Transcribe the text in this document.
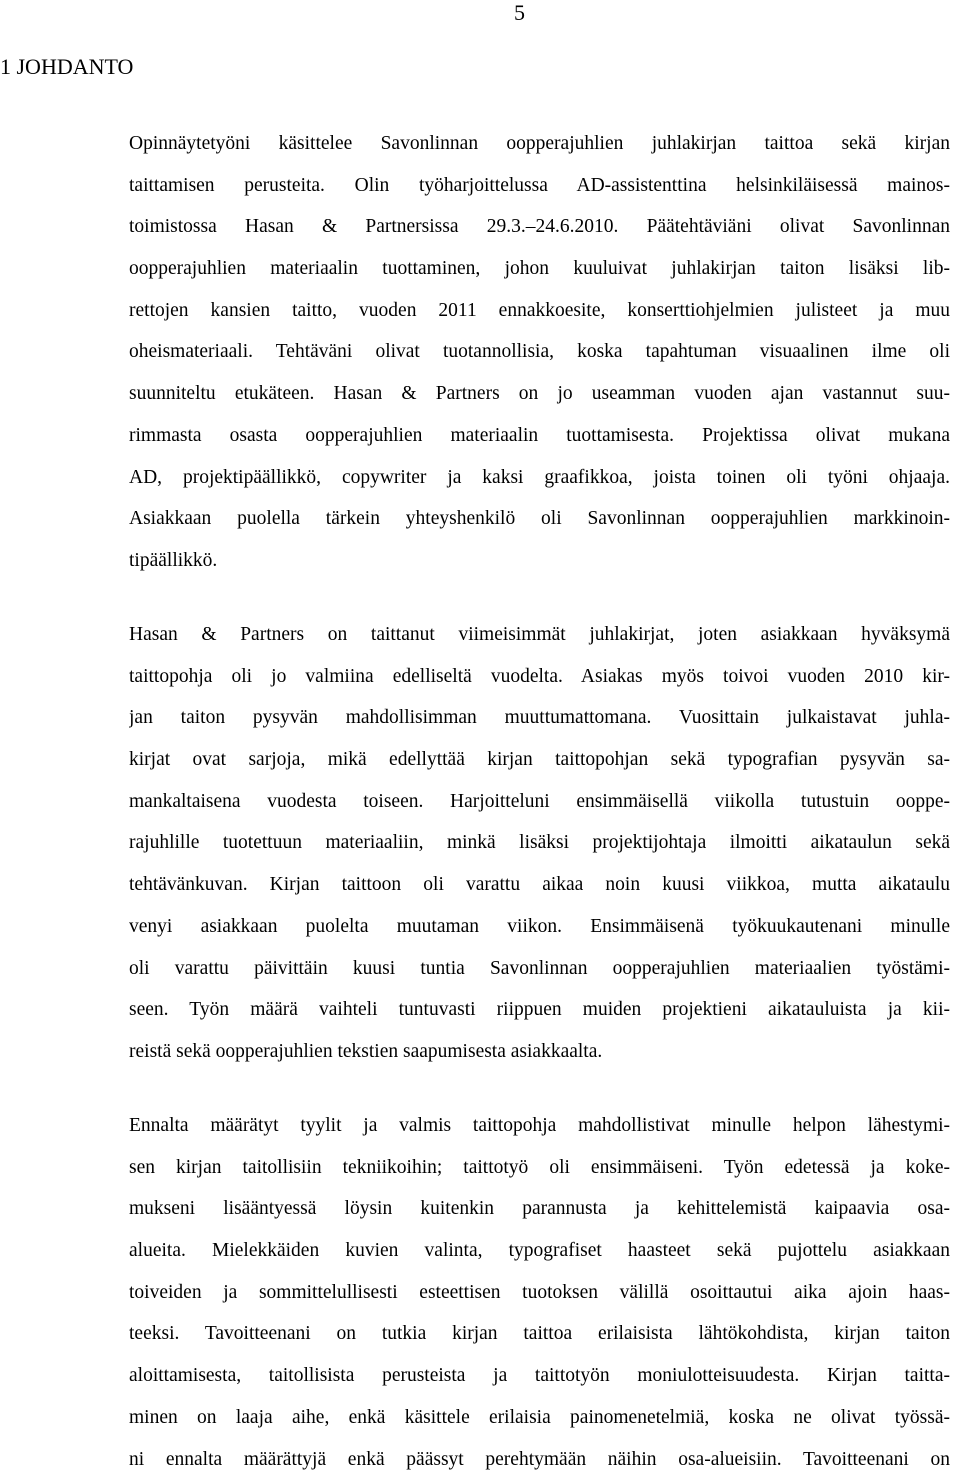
5
1 JOHDANTO
Opinnäytetyöni käsittelee Savonlinnan oopperajuhlien juhlakirjan taittoa sekä kirjan
taittamisen perusteita. Olin työharjoittelussa AD-assistenttina helsinkiläisessä mainos-
toimistossa Hasan & Partnersissa 29.3.–24.6.2010. Päätehtäviäni olivat Savonlinnan
oopperajuhlien materiaalin tuottaminen, johon kuuluivat juhlakirjan taiton lisäksi lib-
rettojen kansien taitto, vuoden 2011 ennakkoesite, konserttiohjelmien julisteet ja muu
oheismateriaali. Tehtäväni olivat tuotannollisia, koska tapahtuman visuaalinen ilme oli
suunniteltu etukäteen. Hasan & Partners on jo useamman vuoden ajan vastannut suu-
rimmasta osasta oopperajuhlien materiaalin tuottamisesta. Projektissa olivat mukana
AD, projektipäällikkö, copywriter ja kaksi graafikkoa, joista toinen oli työni ohjaaja.
Asiakkaan puolella tärkein yhteyshenkilö oli Savonlinnan oopperajuhlien markkinoin-
tipäällikkö.
Hasan & Partners on taittanut viimeisimmät juhlakirjat, joten asiakkaan hyväksymä
taittopohja oli jo valmiina edelliseltä vuodelta. Asiakas myös toivoi vuoden 2010 kir-
jan taiton pysyvän mahdollisimman muuttumattomana. Vuosittain julkaistavat juhla-
kirjat ovat sarjoja, mikä edellyttää kirjan taittopohjan sekä typografian pysyvän sa-
mankaltaisena vuodesta toiseen. Harjoitteluni ensimmäisellä viikolla tutustuin ooppe-
rajuhlille tuotettuun materiaaliin, minkä lisäksi projektijohtaja ilmoitti aikataulun sekä
tehtävänkuvan. Kirjan taittoon oli varattu aikaa noin kuusi viikkoa, mutta aikataulu
venyi asiakkaan puolelta muutaman viikon. Ensimmäisenä työkuukautenani minulle
oli varattu päivittäin kuusi tuntia Savonlinnan oopperajuhlien materiaalien työstämi-
seen. Työn määrä vaihteli tuntuvasti riippuen muiden projektieni aikatauluista ja kii-
reistä sekä oopperajuhlien tekstien saapumisesta asiakkaalta.
Ennalta määrätyt tyylit ja valmis taittopohja mahdollistivat minulle helpon lähestymi-
sen kirjan taitollisiin tekniikoihin; taittotyö oli ensimmäiseni. Työn edetessä ja koke-
mukseni lisääntyessä löysin kuitenkin parannusta ja kehittelemistä kaipaavia osa-
alueita. Mielekkäiden kuvien valinta, typografiset haasteet sekä pujottelu asiakkaan
toiveiden ja sommittelullisesti esteettisen tuotoksen välillä osoittautui aika ajoin haas-
teeksi. Tavoitteenani on tutkia kirjan taittoa erilaisista lähtökohdista, kirjan taiton
aloittamisesta, taitollisista perusteista ja taittotyön moniulotteisuudesta. Kirjan taitta-
minen on laaja aihe, enkä käsittele erilaisia painomenetelmiä, koska ne olivat työssä-
ni ennalta määrättyjä enkä päässyt perehtymään näihin osa-alueisiin. Tavoitteenani on
